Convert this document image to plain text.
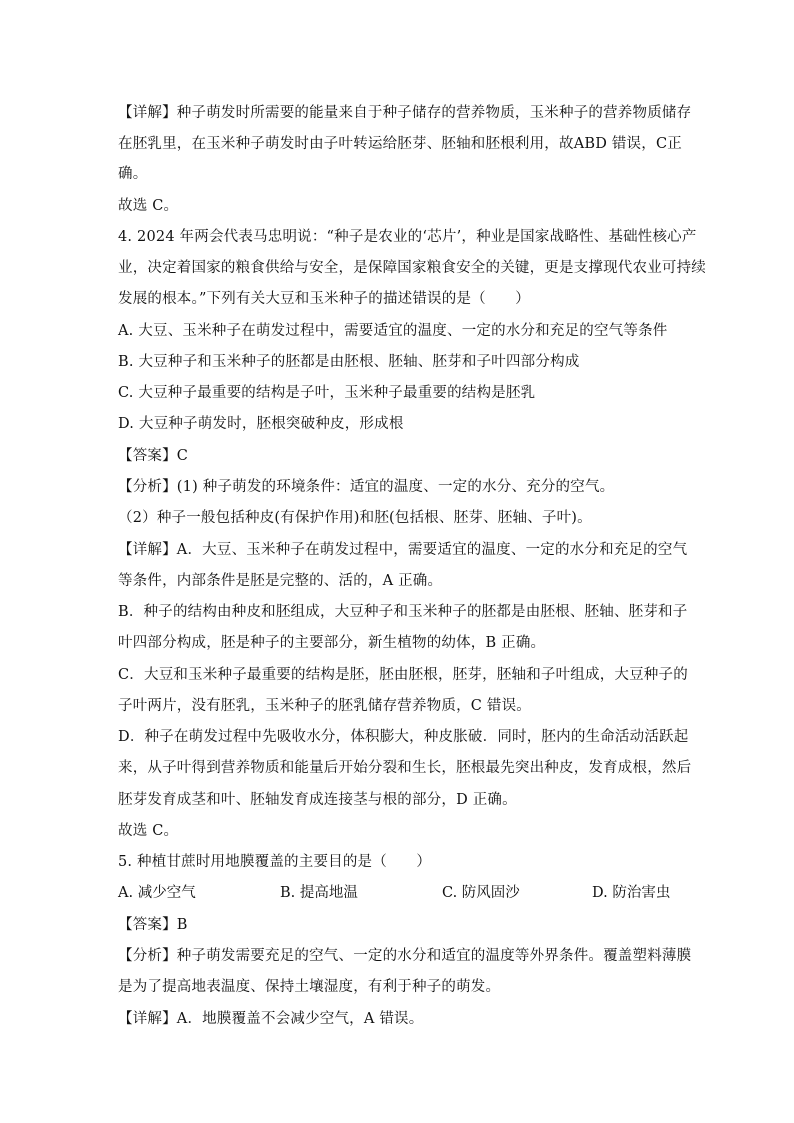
【详解】种子萌发时所需要的能量来自于种子储存的营养物质，玉米种子的营养物质储存
在胚乳里，在玉米种子萌发时由子叶转运给胚芽、胚轴和胚根利用，故ABD 错误，C正
确。
故选 C。
4. 2024 年两会代表马忠明说：“种子是农业的‘芯片’，种业是国家战略性、基础性核心产
业，决定着国家的粮食供给与安全，是保障国家粮食安全的关键，更是支撑现代农业可持续
发展的根本。”下列有关大豆和玉米种子的描述错误的是（　　）
A. 大豆、玉米种子在萌发过程中，需要适宜的温度、一定的水分和充足的空气等条件
B. 大豆种子和玉米种子的胚都是由胚根、胚轴、胚芽和子叶四部分构成
C. 大豆种子最重要的结构是子叶，玉米种子最重要的结构是胚乳
D. 大豆种子萌发时，胚根突破种皮，形成根
【答案】C
【分析】(1) 种子萌发的环境条件：适宜的温度、一定的水分、充分的空气。
（2）种子一般包括种皮(有保护作用)和胚(包括根、胚芽、胚轴、子叶)。
【详解】A．大豆、玉米种子在萌发过程中，需要适宜的温度、一定的水分和充足的空气
等条件，内部条件是胚是完整的、活的，A 正确。
B．种子的结构由种皮和胚组成，大豆种子和玉米种子的胚都是由胚根、胚轴、胚芽和子
叶四部分构成，胚是种子的主要部分，新生植物的幼体，B 正确。
C．大豆和玉米种子最重要的结构是胚，胚由胚根，胚芽，胚轴和子叶组成，大豆种子的
子叶两片，没有胚乳，玉米种子的胚乳储存营养物质，C 错误。
D．种子在萌发过程中先吸收水分，体积膨大，种皮胀破．同时，胚内的生命活动活跃起
来，从子叶得到营养物质和能量后开始分裂和生长，胚根最先突出种皮，发育成根，然后
胚芽发育成茎和叶、胚轴发育成连接茎与根的部分，D 正确。
故选 C。
5. 种植甘蔗时用地膜覆盖的主要目的是（　　）
A. 减少空气	B. 提高地温	C. 防风固沙	D. 防治害虫
【答案】B
【分析】种子萌发需要充足的空气、一定的水分和适宜的温度等外界条件。覆盖塑料薄膜
是为了提高地表温度、保持土壤湿度，有利于种子的萌发。
【详解】A．地膜覆盖不会减少空气，A 错误。
